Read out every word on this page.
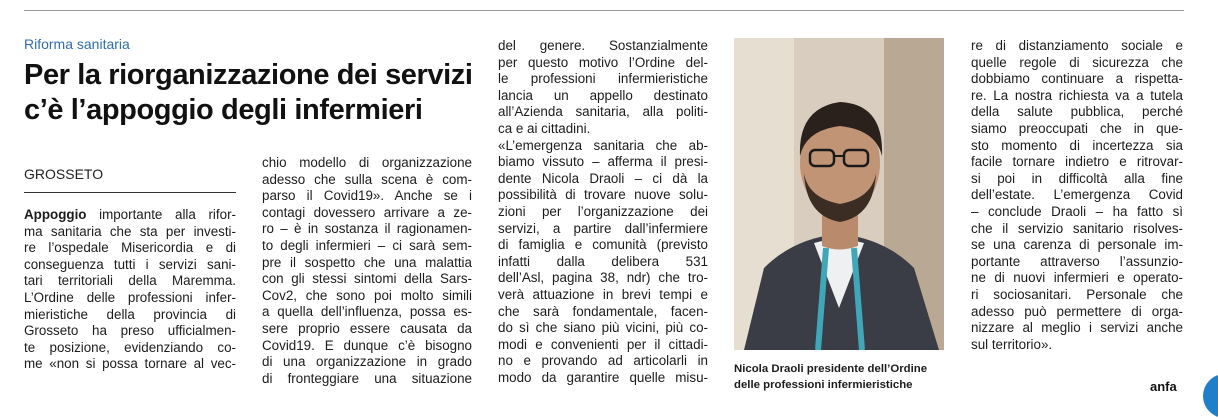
Riforma sanitaria
Per la riorganizzazione dei servizi
c’è l’appoggio degli infermieri
GROSSETO
Appoggio importante alla rifor-
ma sanitaria che sta per investi-
re l’ospedale Misericordia e di
conseguenza tutti i servizi sani-
tari territoriali della Maremma.
L’Ordine delle professioni infer-
mieristiche della provincia di
Grosseto ha preso ufficialmen-
te posizione, evidenziando co-
me «non si possa tornare al vec-
chio modello di organizzazione
adesso che sulla scena è com-
parso il Covid19». Anche se i
contagi dovessero arrivare a ze-
ro – è in sostanza il ragionamen-
to degli infermieri – ci sarà sem-
pre il sospetto che una malattia
con gli stessi sintomi della Sars-
Cov2, che sono poi molto simili
a quella dell’influenza, possa es-
sere proprio essere causata da
Covid19. E dunque c’è bisogno
di una organizzazione in grado
di fronteggiare una situazione
del genere. Sostanzialmente
per questo motivo l’Ordine del-
le professioni infermieristiche
lancia un appello destinato
all’Azienda sanitaria, alla politi-
ca e ai cittadini.
«L’emergenza sanitaria che ab-
biamo vissuto – afferma il presi-
dente Nicola Draoli – ci dà la
possibilità di trovare nuove solu-
zioni per l’organizzazione dei
servizi, a partire dall’infermiere
di famiglia e comunità (previsto
infatti dalla delibera 531
dell’Asl, pagina 38, ndr) che tro-
verà attuazione in brevi tempi e
che sarà fondamentale, facen-
do sì che siano più vicini, più co-
modi e convenienti per il cittadi-
no e provando ad articolarli in
modo da garantire quelle misu-
Nicola Draoli presidente dell’Ordine
delle professioni infermieristiche
re di distanziamento sociale e
quelle regole di sicurezza che
dobbiamo continuare a rispetta-
re. La nostra richiesta va a tutela
della salute pubblica, perché
siamo preoccupati che in que-
sto momento di incertezza sia
facile tornare indietro e ritrovar-
si poi in difficoltà alla fine
dell’estate. L’emergenza Covid
– conclude Draoli – ha fatto sì
che il servizio sanitario risolves-
se una carenza di personale im-
portante attraverso l’assunzio-
ne di nuovi infermieri e operato-
ri sociosanitari. Personale che
adesso può permettere di orga-
nizzare al meglio i servizi anche
sul territorio».
anfa
